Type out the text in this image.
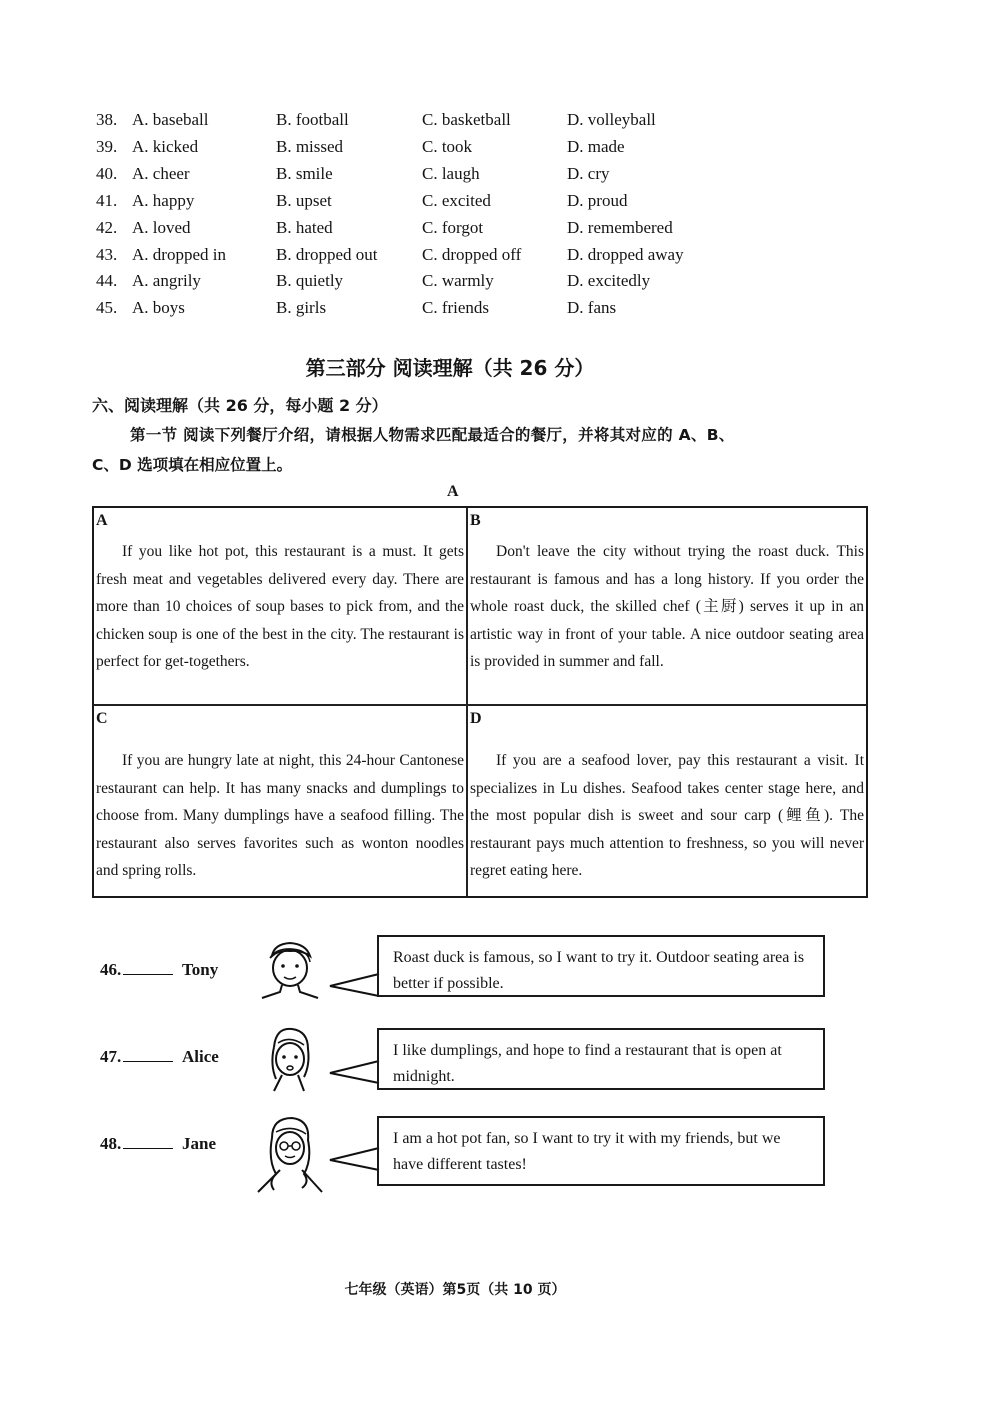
38. A. baseball	B. football	C. basketball	D. volleyball
39. A. kicked	B. missed	C. took	D. made
40. A. cheer	B. smile	C. laugh	D. cry
41. A. happy	B. upset	C. excited	D. proud
42. A. loved	B. hated	C. forgot	D. remembered
43. A. dropped in	B. dropped out	C. dropped off	D. dropped away
44. A. angrily	B. quietly	C. warmly	D. excitedly
45. A. boys	B. girls	C. friends	D. fans
第三部分 阅读理解（共 26 分）
六、阅读理解（共 26 分，每小题 2 分）
第一节 阅读下列餐厅介绍，请根据人物需求匹配最适合的餐厅，并将其对应的 A、B、
C、D 选项填在相应位置上。
A
A
If you like hot pot, this restaurant is a must. It gets fresh meat and vegetables delivered every day. There are more than 10 choices of soup bases to pick from, and the chicken soup is one of the best in the city. The restaurant is perfect for get-togethers.
B
Don't leave the city without trying the roast duck. This restaurant is famous and has a long history. If you order the whole roast duck, the skilled chef (主厨) serves it up in an artistic way in front of your table. A nice outdoor seating area is provided in summer and fall.
C
If you are hungry late at night, this 24-hour Cantonese restaurant can help. It has many snacks and dumplings to choose from. Many dumplings have a seafood filling. The restaurant also serves favorites such as wonton noodles and spring rolls.
D
If you are a seafood lover, pay this restaurant a visit. It specializes in Lu dishes. Seafood takes center stage here, and the most popular dish is sweet and sour carp (鲤鱼). The restaurant pays much attention to freshness, so you will never regret eating here.
46.	Tony
Roast duck is famous, so I want to try it. Outdoor seating area is better if possible.
47.	Alice	I like dumplings, and hope to find a restaurant that is open at midnight.
48.	Jane	I am a hot pot fan, so I want to try it with my friends, but we have different tastes!
七年级（英语）第5页（共 10 页）
